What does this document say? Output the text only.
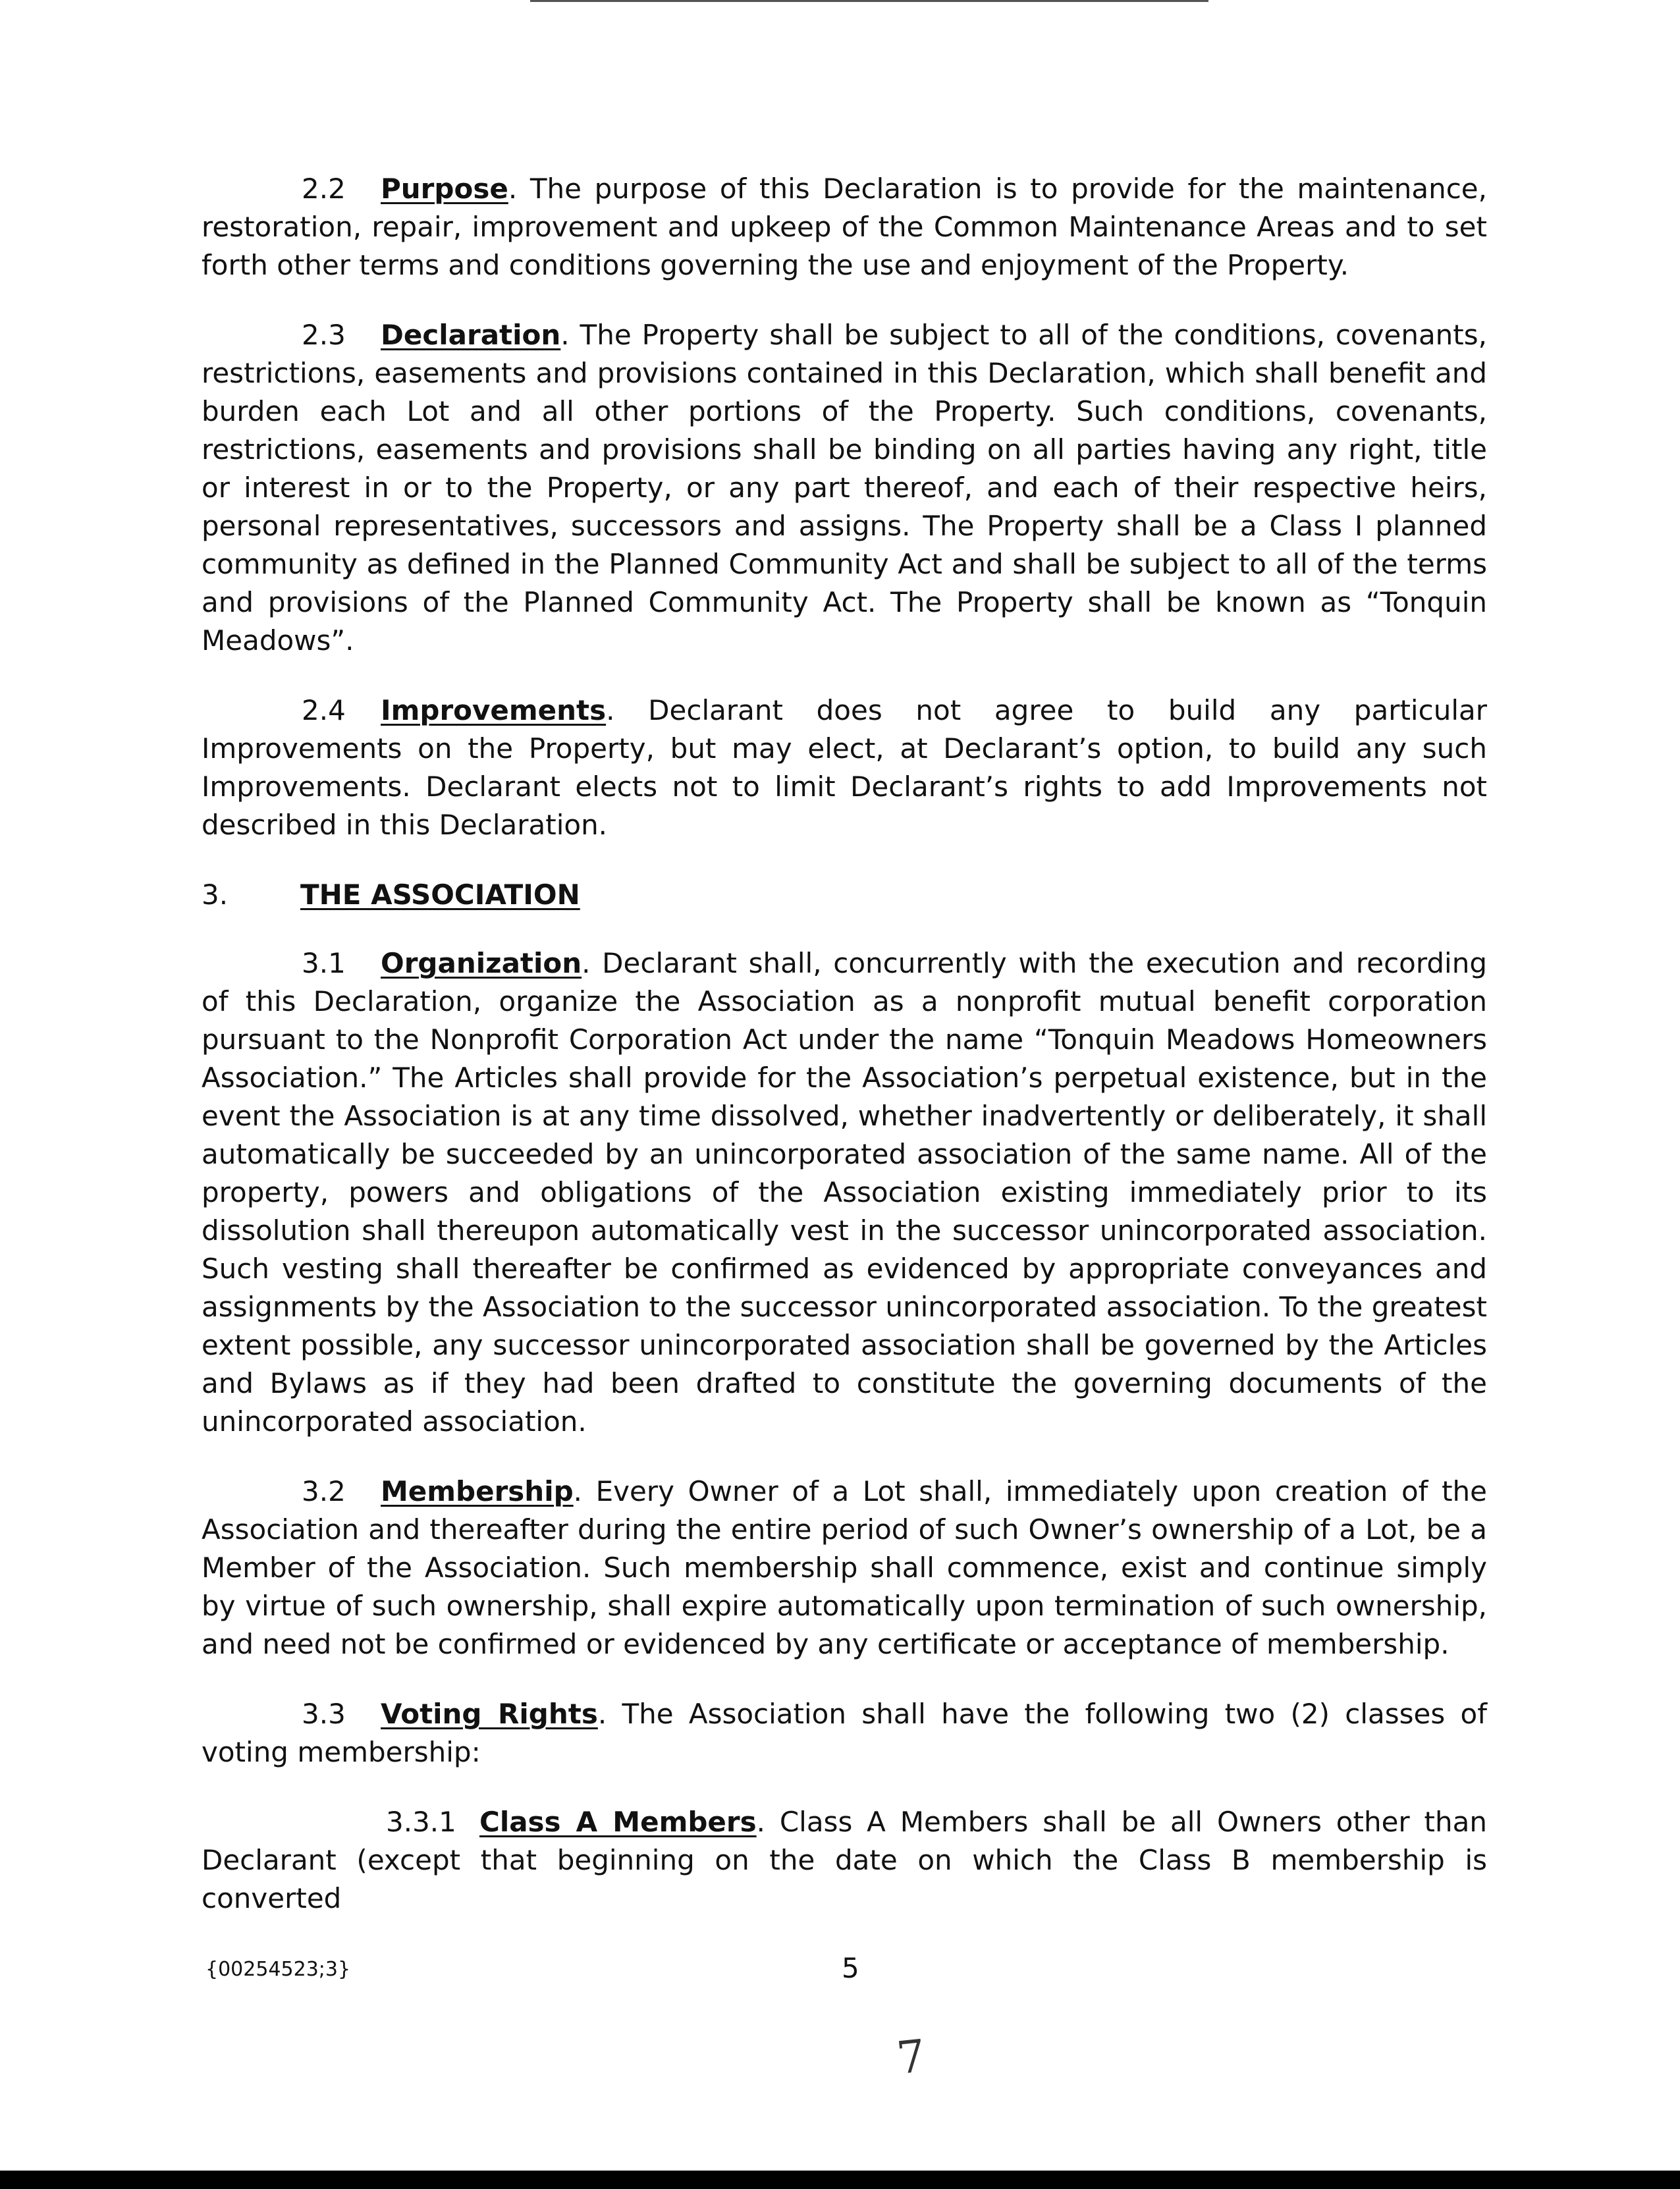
2.2 Purpose. The purpose of this Declaration is to provide for the maintenance, restoration, repair, improvement and upkeep of the Common Maintenance Areas and to set forth other terms and conditions governing the use and enjoyment of the Property.

2.3 Declaration. The Property shall be subject to all of the conditions, covenants, restrictions, easements and provisions contained in this Declaration, which shall benefit and burden each Lot and all other portions of the Property. Such conditions, covenants, restrictions, easements and provisions shall be binding on all parties having any right, title or interest in or to the Property, or any part thereof, and each of their respective heirs, personal representatives, successors and assigns. The Property shall be a Class I planned community as defined in the Planned Community Act and shall be subject to all of the terms and provisions of the Planned Community Act. The Property shall be known as “Tonquin Meadows”.

2.4 Improvements. Declarant does not agree to build any particular Improvements on the Property, but may elect, at Declarant’s option, to build any such Improvements. Declarant elects not to limit Declarant’s rights to add Improvements not described in this Declaration.

3.	THE ASSOCIATION

3.1 Organization. Declarant shall, concurrently with the execution and recording of this Declaration, organize the Association as a nonprofit mutual benefit corporation pursuant to the Nonprofit Corporation Act under the name “Tonquin Meadows Homeowners Association.” The Articles shall provide for the Association’s perpetual existence, but in the event the Association is at any time dissolved, whether inadvertently or deliberately, it shall automatically be succeeded by an unincorporated association of the same name. All of the property, powers and obligations of the Association existing immediately prior to its dissolution shall thereupon automatically vest in the successor unincorporated association. Such vesting shall thereafter be confirmed as evidenced by appropriate conveyances and assignments by the Association to the successor unincorporated association. To the greatest extent possible, any successor unincorporated association shall be governed by the Articles and Bylaws as if they had been drafted to constitute the governing documents of the unincorporated association.

3.2 Membership. Every Owner of a Lot shall, immediately upon creation of the Association and thereafter during the entire period of such Owner’s ownership of a Lot, be a Member of the Association. Such membership shall commence, exist and continue simply by virtue of such ownership, shall expire automatically upon termination of such ownership, and need not be confirmed or evidenced by any certificate or acceptance of membership.

3.3 Voting Rights. The Association shall have the following two (2) classes of voting membership:

3.3.1 Class A Members. Class A Members shall be all Owners other than Declarant (except that beginning on the date on which the Class B membership is converted

{00254523;3}	5
7
